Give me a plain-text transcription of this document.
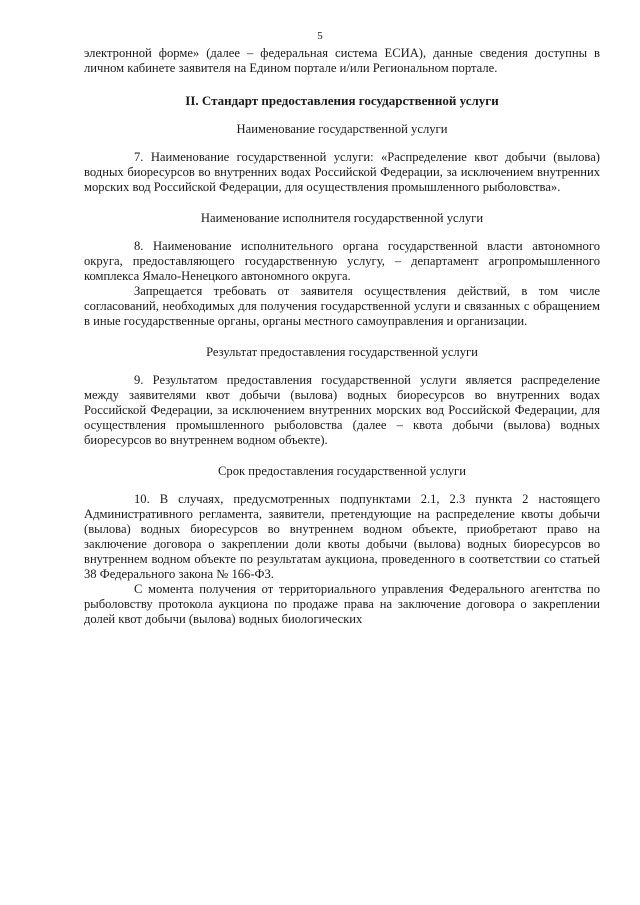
5

электронной форме» (далее – федеральная система ЕСИА), данные сведения доступны в личном кабинете заявителя на Едином портале и/или Региональном портале.

II. Стандарт предоставления государственной услуги

Наименование государственной услуги

7. Наименование государственной услуги: «Распределение квот добычи (вылова) водных биоресурсов во внутренних водах Российской Федерации, за исключением внутренних морских вод Российской Федерации, для осуществления промышленного рыболовства».

Наименование исполнителя государственной услуги

8. Наименование исполнительного органа государственной власти автономного округа, предоставляющего государственную услугу, – департамент агропромышленного комплекса Ямало-Ненецкого автономного округа.

Запрещается требовать от заявителя осуществления действий, в том числе согласований, необходимых для получения государственной услуги и связанных с обращением в иные государственные органы, органы местного самоуправления и организации.

Результат предоставления государственной услуги

9. Результатом предоставления государственной услуги является распределение между заявителями квот добычи (вылова) водных биоресурсов во внутренних водах Российской Федерации, за исключением внутренних морских вод Российской Федерации, для осуществления промышленного рыболовства (далее – квота добычи (вылова) водных биоресурсов во внутреннем водном объекте).

Срок предоставления государственной услуги

10. В случаях, предусмотренных подпунктами 2.1, 2.3 пункта 2 настоящего Административного регламента, заявители, претендующие на распределение квоты добычи (вылова) водных биоресурсов во внутреннем водном объекте, приобретают право на заключение договора о закреплении доли квоты добычи (вылова) водных биоресурсов во внутреннем водном объекте по результатам аукциона, проведенного в соответствии со статьей 38 Федерального закона № 166-ФЗ.

С момента получения от территориального управления Федерального агентства по рыболовству протокола аукциона по продаже права на заключение договора о закреплении долей квот добычи (вылова) водных биологических
